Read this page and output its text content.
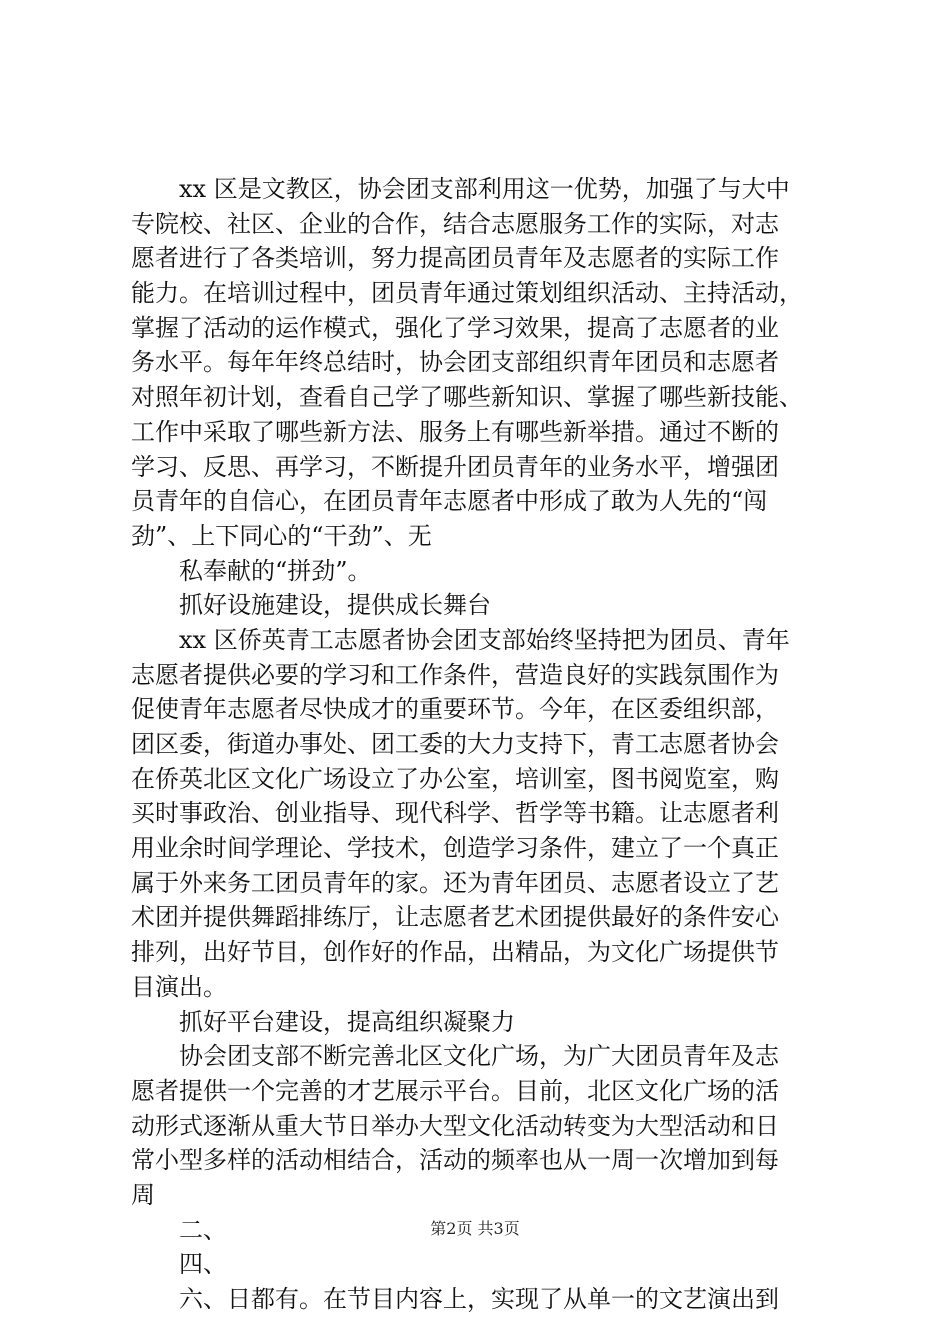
xx 区是文教区，协会团支部利用这一优势，加强了与大中
专院校、社区、企业的合作，结合志愿服务工作的实际，对志
愿者进行了各类培训，努力提高团员青年及志愿者的实际工作
能力。在培训过程中，团员青年通过策划组织活动、主持活动，
掌握了活动的运作模式，强化了学习效果，提高了志愿者的业
务水平。每年年终总结时，协会团支部组织青年团员和志愿者
对照年初计划，查看自己学了哪些新知识、掌握了哪些新技能、
工作中采取了哪些新方法、服务上有哪些新举措。通过不断的
学习、反思、再学习，不断提升团员青年的业务水平，增强团
员青年的自信心，在团员青年志愿者中形成了敢为人先的“闯
劲”、上下同心的“干劲”、无
私奉献的“拼劲”。
抓好设施建设，提供成长舞台
xx 区侨英青工志愿者协会团支部始终坚持把为团员、青年
志愿者提供必要的学习和工作条件，营造良好的实践氛围作为
促使青年志愿者尽快成才的重要环节。今年，在区委组织部，
团区委，街道办事处、团工委的大力支持下，青工志愿者协会
在侨英北区文化广场设立了办公室，培训室，图书阅览室，购
买时事政治、创业指导、现代科学、哲学等书籍。让志愿者利
用业余时间学理论、学技术，创造学习条件，建立了一个真正
属于外来务工团员青年的家。还为青年团员、志愿者设立了艺
术团并提供舞蹈排练厅，让志愿者艺术团提供最好的条件安心
排列，出好节目，创作好的作品，出精品，为文化广场提供节
目演出。
抓好平台建设，提高组织凝聚力
协会团支部不断完善北区文化广场，为广大团员青年及志
愿者提供一个完善的才艺展示平台。目前，北区文化广场的活
动形式逐渐从重大节日举办大型文化活动转变为大型活动和日
常小型多样的活动相结合，活动的频率也从一周一次增加到每
周
二、
四、
六、日都有。在节目内容上，实现了从单一的文艺演出到
第2页 共3页
